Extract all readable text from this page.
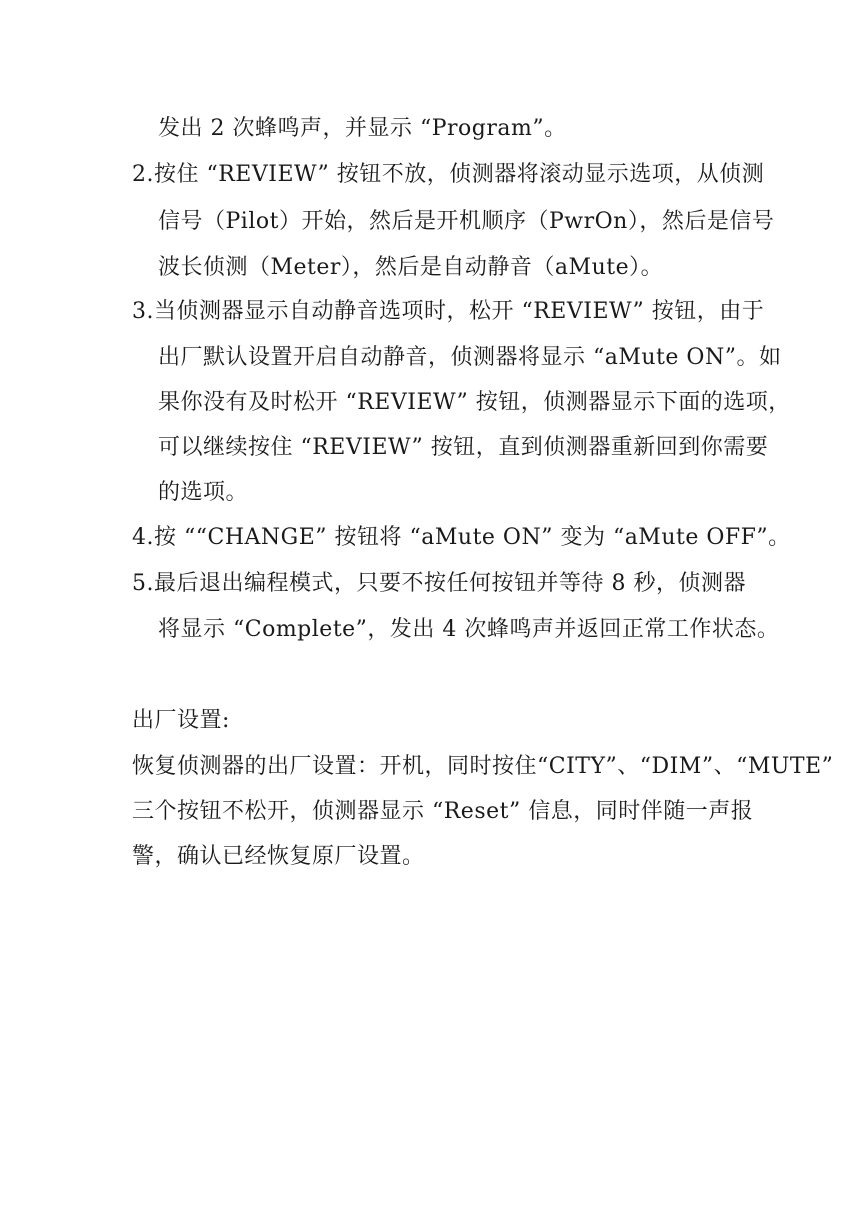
发出 2 次蜂鸣声，并显示 “Program”。
2.按住 “REVIEW” 按钮不放，侦测器将滚动显示选项，从侦测
信号（Pilot）开始，然后是开机顺序（PwrOn），然后是信号
波长侦测（Meter），然后是自动静音（aMute）。
3.当侦测器显示自动静音选项时，松开 “REVIEW” 按钮，由于
出厂默认设置开启自动静音，侦测器将显示 “aMute ON”。如
果你没有及时松开 “REVIEW” 按钮，侦测器显示下面的选项，
可以继续按住 “REVIEW” 按钮，直到侦测器重新回到你需要
的选项。
4.按 ““CHANGE” 按钮将 “aMute ON” 变为 “aMute OFF”。
5.最后退出编程模式，只要不按任何按钮并等待 8 秒，侦测器
将显示 “Complete”，发出 4 次蜂鸣声并返回正常工作状态。
出厂设置:
恢复侦测器的出厂设置：开机，同时按住“CITY”、“DIM”、“MUTE”
三个按钮不松开，侦测器显示 “Reset” 信息，同时伴随一声报
警，确认已经恢复原厂设置。
